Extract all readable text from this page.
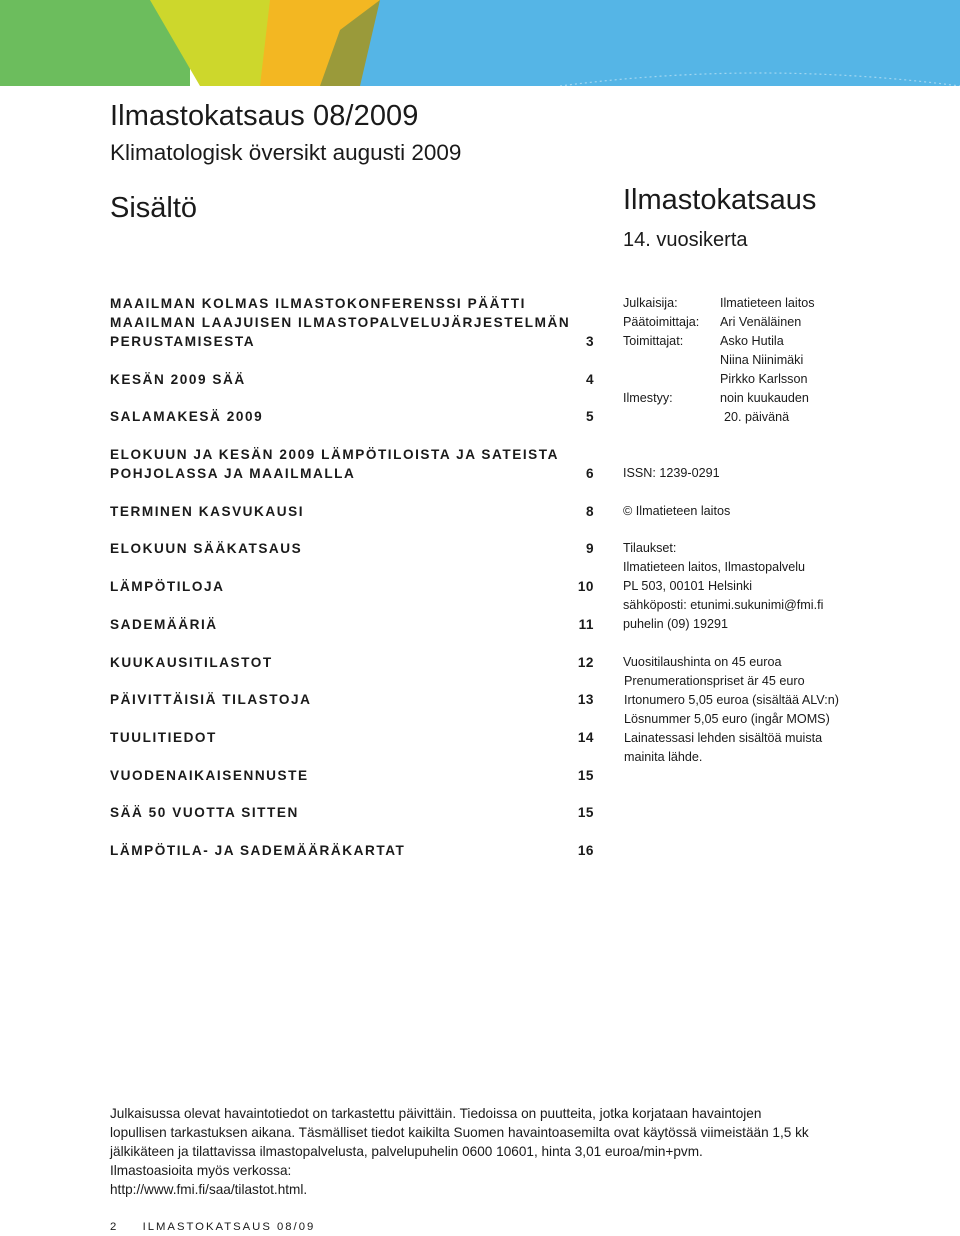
Ilmastokatsaus 08/2009
Klimatologisk översikt augusti 2009
Sisältö	Ilmastokatsaus
14. vuosikerta
MAAILMAN KOLMAS ILMASTOKONFERENSSI PÄÄTTI
MAAILMAN LAAJUISEN ILMASTOPALVELUJÄRJESTELMÄN
PERUSTAMISESTA	3
KESÄN 2009 SÄÄ	4
SALAMAKESÄ 2009	5
ELOKUUN JA KESÄN 2009 LÄMPÖTILOISTA JA SATEISTA
POHJOLASSA JA MAAILMALLA	6
TERMINEN KASVUKAUSI	8
ELOKUUN SÄÄKATSAUS	9
LÄMPÖTILOJA	10
SADEMÄÄRIÄ	11
KUUKAUSITILASTOT	12
PÄIVITTÄISIÄ TILASTOJA	13
TUULITIEDOT	14
VUODENAIKAISENNUSTE	15
SÄÄ 50 VUOTTA SITTEN	15
LÄMPÖTILA- JA SADEMÄÄRÄKARTAT	16
Julkaisija:	Ilmatieteen laitos
Päätoimittaja: Ari Venäläinen
Toimittajat:	Asko Hutila
Niina Niinimäki
Pirkko Karlsson
Ilmestyy:	noin kuukauden
20. päivänä
ISSN: 1239-0291
© Ilmatieteen laitos
Tilaukset:
Ilmatieteen laitos, Ilmastopalvelu
PL 503, 00101 Helsinki
sähköposti: etunimi.sukunimi@fmi.fi
puhelin (09) 19291
Vuositilaushinta on 45 euroa
Prenumerationspriset är 45 euro
Irtonumero 5,05 euroa (sisältää ALV:n)
Lösnummer 5,05 euro (ingår MOMS)
Lainatessasi lehden sisältöä muista
mainita lähde.
Julkaisussa olevat havaintotiedot on tarkastettu päivittäin. Tiedoissa on puutteita, jotka korjataan havaintojen
lopullisen tarkastuksen aikana. Täsmälliset tiedot kaikilta Suomen havaintoasemilta ovat käytössä viimeistään 1,5 kk
jälkikäteen ja tilattavissa ilmastopalvelusta, palvelupuhelin 0600 10601, hinta 3,01 euroa/min+pvm.
Ilmastoasioita myös verkossa:
http://www.fmi.fi/saa/tilastot.html.
2 ILMASTOKATSAUS 08/09
